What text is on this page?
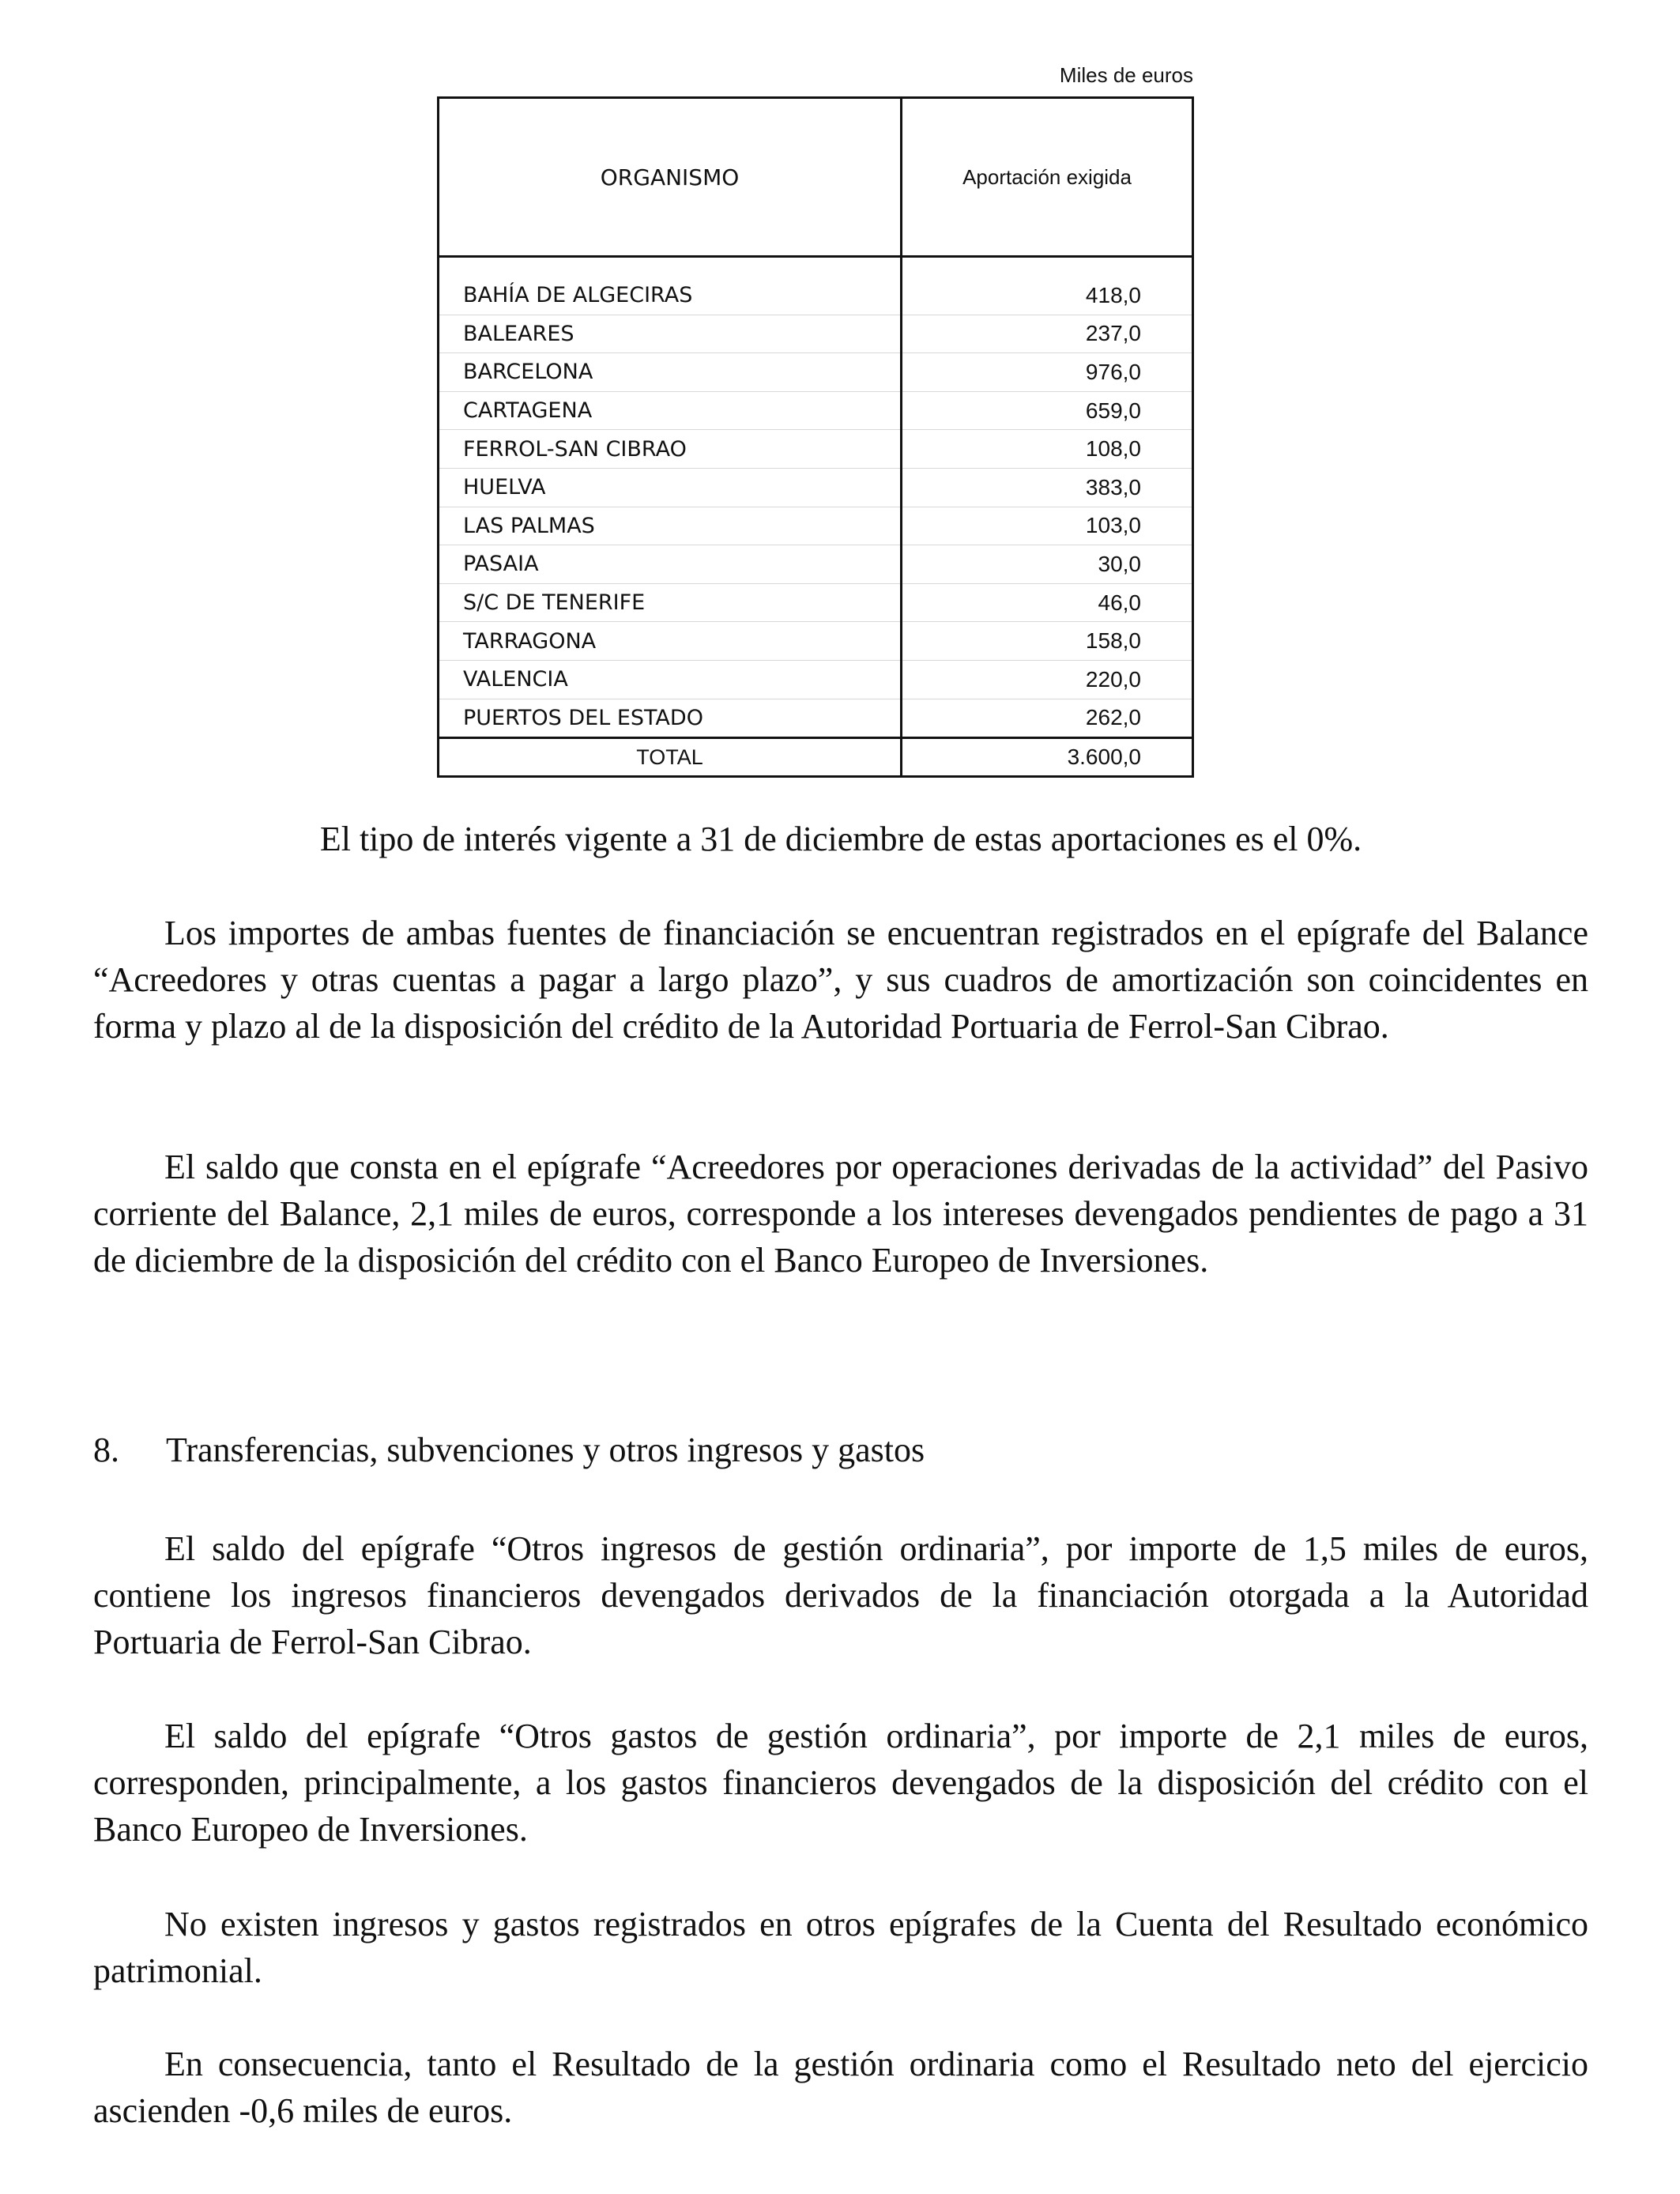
Miles de euros
ORGANISMO	Aportación exigida

BAHÍA DE ALGECIRAS	418,0
BALEARES	237,0
BARCELONA	976,0
CARTAGENA	659,0
FERROL-SAN CIBRAO	108,0
HUELVA	383,0
LAS PALMAS	103,0
PASAIA	30,0
S/C DE TENERIFE	46,0
TARRAGONA	158,0
VALENCIA	220,0
PUERTOS DEL ESTADO	262,0
TOTAL	3.600,0

El tipo de interés vigente a 31 de diciembre de estas aportaciones es el 0%.

Los importes de ambas fuentes de financiación se encuentran registrados en el epígrafe del Balance “Acreedores y otras cuentas a pagar a largo plazo”, y sus cuadros de amortización son coincidentes en forma y plazo al de la disposición del crédito de la Autoridad Portuaria de Ferrol-San Cibrao.

El saldo que consta en el epígrafe “Acreedores por operaciones derivadas de la actividad” del Pasivo corriente del Balance, 2,1 miles de euros, corresponde a los intereses devengados pendientes de pago a 31 de diciembre de la disposición del crédito con el Banco Europeo de Inversiones.

8. Transferencias, subvenciones y otros ingresos y gastos

El saldo del epígrafe “Otros ingresos de gestión ordinaria”, por importe de 1,5 miles de euros, contiene los ingresos financieros devengados derivados de la financiación otorgada a la Autoridad Portuaria de Ferrol-San Cibrao.

El saldo del epígrafe “Otros gastos de gestión ordinaria”, por importe de 2,1 miles de euros, corresponden, principalmente, a los gastos financieros devengados de la disposición del crédito con el Banco Europeo de Inversiones.

No existen ingresos y gastos registrados en otros epígrafes de la Cuenta del Resultado económico patrimonial.

En consecuencia, tanto el Resultado de la gestión ordinaria como el Resultado neto del ejercicio ascienden -0,6 miles de euros.
